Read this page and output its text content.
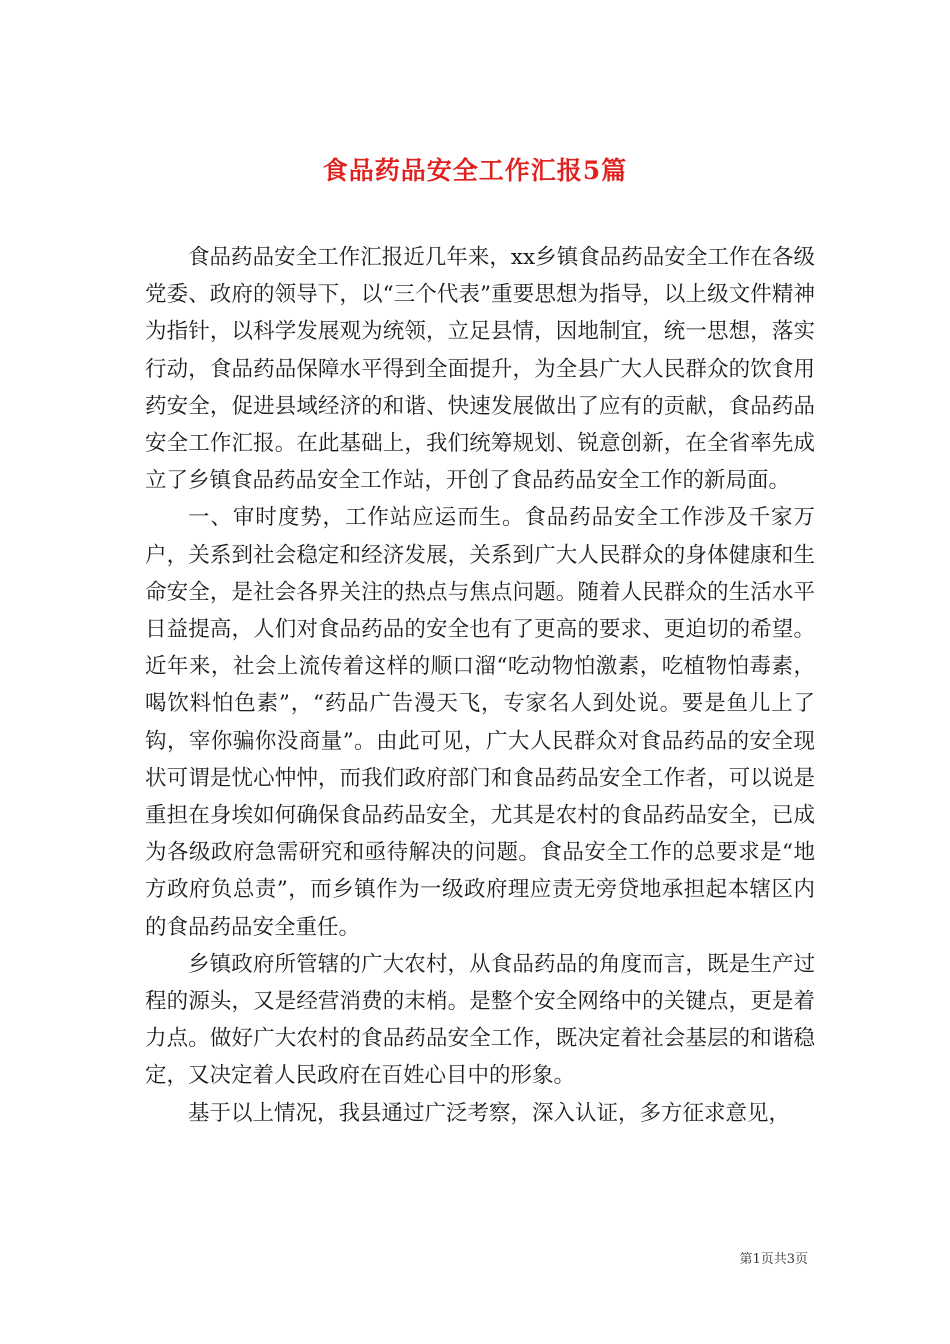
食品药品安全工作汇报5篇

食品药品安全工作汇报近几年来，xx乡镇食品药品安全工作在各级党委、政府的领导下，以“三个代表”重要思想为指导，以上级文件精神为指针，以科学发展观为统领，立足县情，因地制宜，统一思想，落实行动，食品药品保障水平得到全面提升，为全县广大人民群众的饮食用药安全，促进县域经济的和谐、快速发展做出了应有的贡献，食品药品安全工作汇报。在此基础上，我们统筹规划、锐意创新，在全省率先成立了乡镇食品药品安全工作站，开创了食品药品安全工作的新局面。

一、审时度势，工作站应运而生。食品药品安全工作涉及千家万户，关系到社会稳定和经济发展，关系到广大人民群众的身体健康和生命安全，是社会各界关注的热点与焦点问题。随着人民群众的生活水平日益提高，人们对食品药品的安全也有了更高的要求、更迫切的希望。近年来，社会上流传着这样的顺口溜“吃动物怕激素，吃植物怕毒素，喝饮料怕色素”，“药品广告漫天飞，专家名人到处说。要是鱼儿上了钩，宰你骗你没商量”。由此可见，广大人民群众对食品药品的安全现状可谓是忧心忡忡，而我们政府部门和食品药品安全工作者，可以说是重担在身埃如何确保食品药品安全，尤其是农村的食品药品安全，已成为各级政府急需研究和亟待解决的问题。食品安全工作的总要求是“地方政府负总责”，而乡镇作为一级政府理应责无旁贷地承担起本辖区内的食品药品安全重任。

乡镇政府所管辖的广大农村，从食品药品的角度而言，既是生产过程的源头，又是经营消费的末梢。是整个安全网络中的关键点，更是着力点。做好广大农村的食品药品安全工作，既决定着社会基层的和谐稳定，又决定着人民政府在百姓心目中的形象。

基于以上情况，我县通过广泛考察，深入认证，多方征求意见，

第1页共3页
